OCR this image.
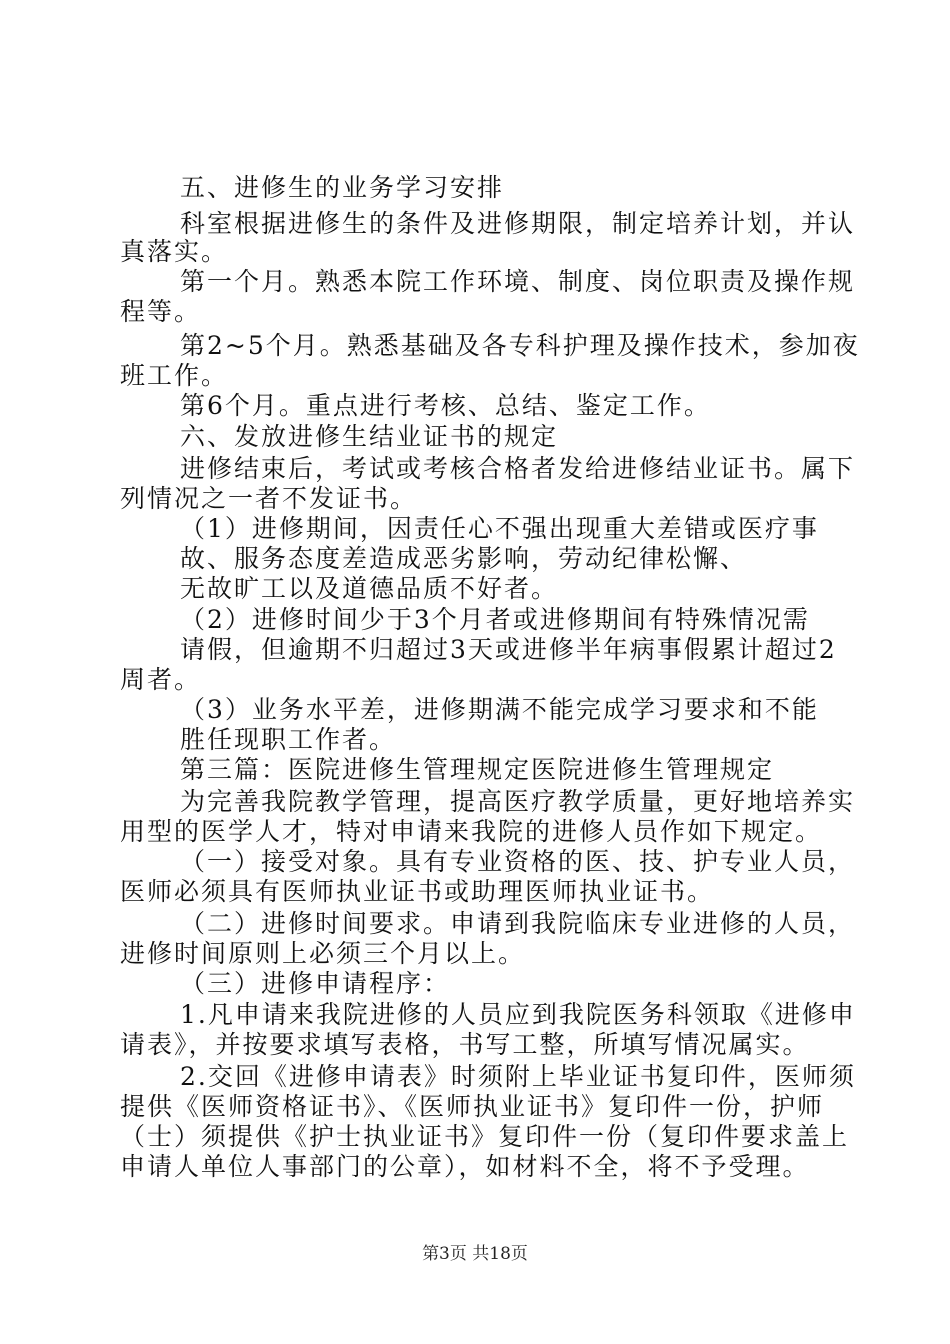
五、进修生的业务学习安排
科室根据进修生的条件及进修期限，制定培养计划，并认
真落实。
第一个月。熟悉本院工作环境、制度、岗位职责及操作规
程等。
第2~5个月。熟悉基础及各专科护理及操作技术，参加夜
班工作。
第6个月。重点进行考核、总结、鉴定工作。
六、发放进修生结业证书的规定
进修结束后，考试或考核合格者发给进修结业证书。属下
列情况之一者不发证书。
（1）进修期间，因责任心不强出现重大差错或医疗事
故、服务态度差造成恶劣影响，劳动纪律松懈、
无故旷工以及道德品质不好者。
（2）进修时间少于3个月者或进修期间有特殊情况需
请假，但逾期不归超过3天或进修半年病事假累计超过2
周者。
（3）业务水平差，进修期满不能完成学习要求和不能
胜任现职工作者。
第三篇：医院进修生管理规定医院进修生管理规定
为完善我院教学管理，提高医疗教学质量，更好地培养实
用型的医学人才，特对申请来我院的进修人员作如下规定。
（一）接受对象。具有专业资格的医、技、护专业人员，
医师必须具有医师执业证书或助理医师执业证书。
（二）进修时间要求。申请到我院临床专业进修的人员，
进修时间原则上必须三个月以上。
（三）进修申请程序：
1.凡申请来我院进修的人员应到我院医务科领取《进修申
请表》，并按要求填写表格，书写工整，所填写情况属实。
2.交回《进修申请表》时须附上毕业证书复印件，医师须
提供《医师资格证书》、《医师执业证书》复印件一份，护师
（士）须提供《护士执业证书》复印件一份（复印件要求盖上
申请人单位人事部门的公章），如材料不全，将不予受理。
第3页 共18页
